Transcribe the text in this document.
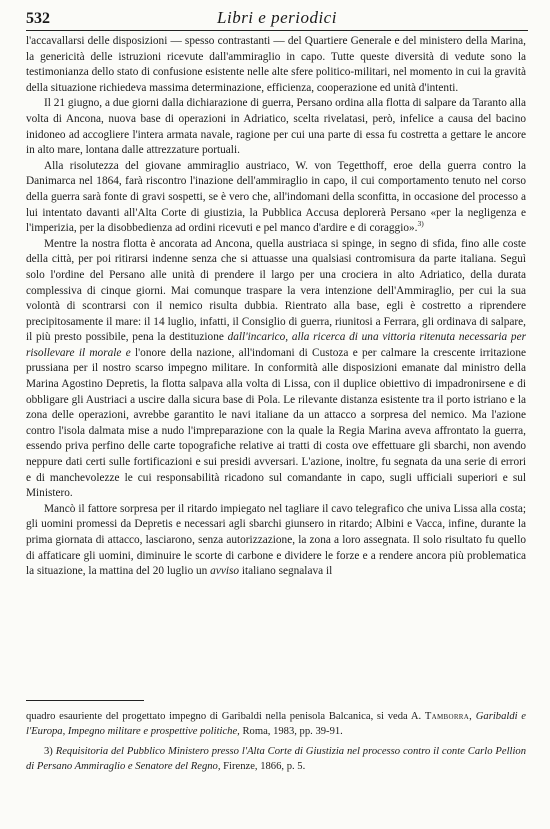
532	Libri e periodici

l'accavallarsi delle disposizioni — spesso contrastanti — del Quartiere Generale e del ministero della Marina, la genericità delle istruzioni ricevute dall'ammiraglio in capo. Tutte queste diversità di vedute sono la testimonianza dello stato di confusione esistente nelle alte sfere politico-militari, nel momento in cui la gravità della situazione richiedeva massima determinazione, efficienza, cooperazione ed unità d'intenti.

Il 21 giugno, a due giorni dalla dichiarazione di guerra, Persano ordina alla flotta di salpare da Taranto alla volta di Ancona, nuova base di operazioni in Adriatico, scelta rivelatasi, però, infelice a causa del bacino inidoneo ad accogliere l'intera armata navale, ragione per cui una parte di essa fu costretta a gettare le ancore in alto mare, lontana dalle attrezzature portuali.

Alla risolutezza del giovane ammiraglio austriaco, W. von Tegetthoff, eroe della guerra contro la Danimarca nel 1864, farà riscontro l'inazione dell'ammiraglio in capo, il cui comportamento tenuto nel corso della guerra sarà fonte di gravi sospetti, se è vero che, all'indomani della sconfitta, in occasione del processo a lui intentato davanti all'Alta Corte di giustizia, la Pubblica Accusa deplorerà Persano «per la negligenza e l'imperizia, per la disobbedienza ad ordini ricevuti e pel manco d'ardire e di coraggio».$^{3)}$

Mentre la nostra flotta è ancorata ad Ancona, quella austriaca si spinge, in segno di sfida, fino alle coste della città, per poi ritirarsi indenne senza che si attuasse una qualsiasi contromisura da parte italiana. Seguì solo l'ordine del Persano alle unità di prendere il largo per una crociera in alto Adriatico, della durata complessiva di cinque giorni. Mai comunque traspare la vera intenzione dell'Ammiraglio, per cui la sua volontà di scontrarsi con il nemico risulta dubbia. Rientrato alla base, egli è costretto a riprendere precipitosamente il mare: il 14 luglio, infatti, il Consiglio di guerra, riunitosi a Ferrara, gli ordinava di salpare, il più presto possibile, pena la destituzione dall'incarico, alla ricerca di una vittoria ritenuta necessaria per risollevare il morale e l'onore della nazione, all'indomani di Custoza e per calmare la crescente irritazione prussiana per il nostro scarso impegno militare. In conformità alle disposizioni emanate dal ministro della Marina Agostino Depretis, la flotta salpava alla volta di Lissa, con il duplice obiettivo di impadronirsene e di obbligare gli Austriaci a uscire dalla sicura base di Pola. Le rilevante distanza esistente tra il porto istriano e la zona delle operazioni, avrebbe garantito le navi italiane da un attacco a sorpresa del nemico. Ma l'azione contro l'isola dalmata mise a nudo l'impreparazione con la quale la Regia Marina aveva affrontato la guerra, essendo priva perfino delle carte topografiche relative ai tratti di costa ove effettuare gli sbarchi, non avendo neppure dati certi sulle fortificazioni e sui presidi avversari. L'azione, inoltre, fu segnata da una serie di errori e di manchevolezze le cui responsabilità ricadono sul comandante in capo, sugli ufficiali superiori e sul Ministero.

Mancò il fattore sorpresa per il ritardo impiegato nel tagliare il cavo telegrafico che univa Lissa alla costa; gli uomini promessi da Depretis e necessari agli sbarchi giunsero in ritardo; Albini e Vacca, infine, durante la prima giornata di attacco, lasciarono, senza autorizzazione, la zona a loro assegnata. Il solo risultato fu quello di affaticare gli uomini, diminuire le scorte di carbone e dividere le forze e a rendere ancora più problematica la situazione, la mattina del 20 luglio un avviso italiano segnalava il

quadro esauriente del progettato impegno di Garibaldi nella penisola Balcanica, si veda A. Tamborra, Garibaldi e l'Europa, Impegno militare e prospettive politiche, Roma, 1983, pp. 39-91.

3) Requisitoria del Pubblico Ministero presso l'Alta Corte di Giustizia nel processo contro il conte Carlo Pellion di Persano Ammiraglio e Senatore del Regno, Firenze, 1866, p. 5.
